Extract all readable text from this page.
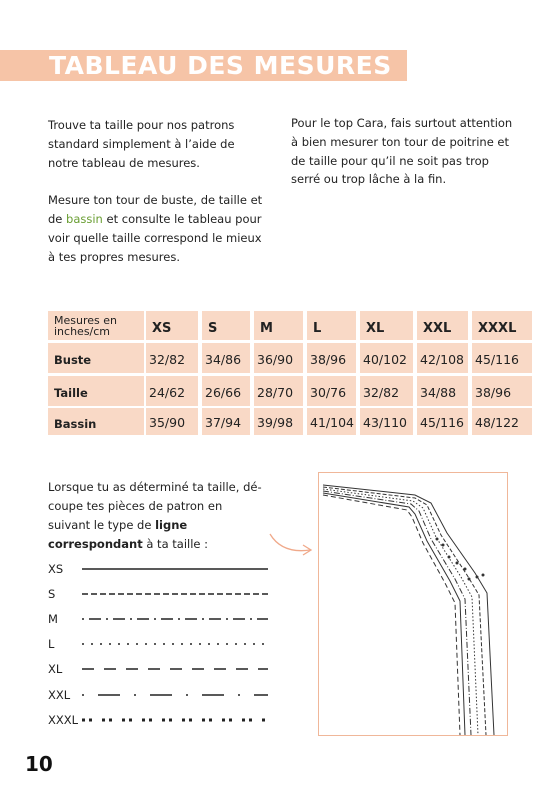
TABLEAU DES MESURES

Trouve ta taille pour nos patrons standard simplement à l’aide de notre tableau de mesures.

Mesure ton tour de buste, de taille et de bassin et consulte le tableau pour voir quelle taille correspond le mieux à tes propres mesures.

Pour le top Cara, fais surtout attention à bien mesurer ton tour de poitrine et de taille pour qu’il ne soit pas trop serré ou trop lâche à la fin.

Mesures en inches/cm	XS	S	M	L	XL	XXL	XXXL
Buste	32/82	34/86	36/90	38/96	40/102	42/108 45/116
Taille	24/62	26/66	28/70	30/76	32/82	34/88	38/96
Bassin	35/90	37/94	39/98	41/104 43/110	45/116 48/122
Lorsque tu as déterminé ta taille, dé-coupe tes pièces de patron en suivant le type de ligne correspondant à ta taille :
XS
S
M
L
XL
XXL
XXXL
10
